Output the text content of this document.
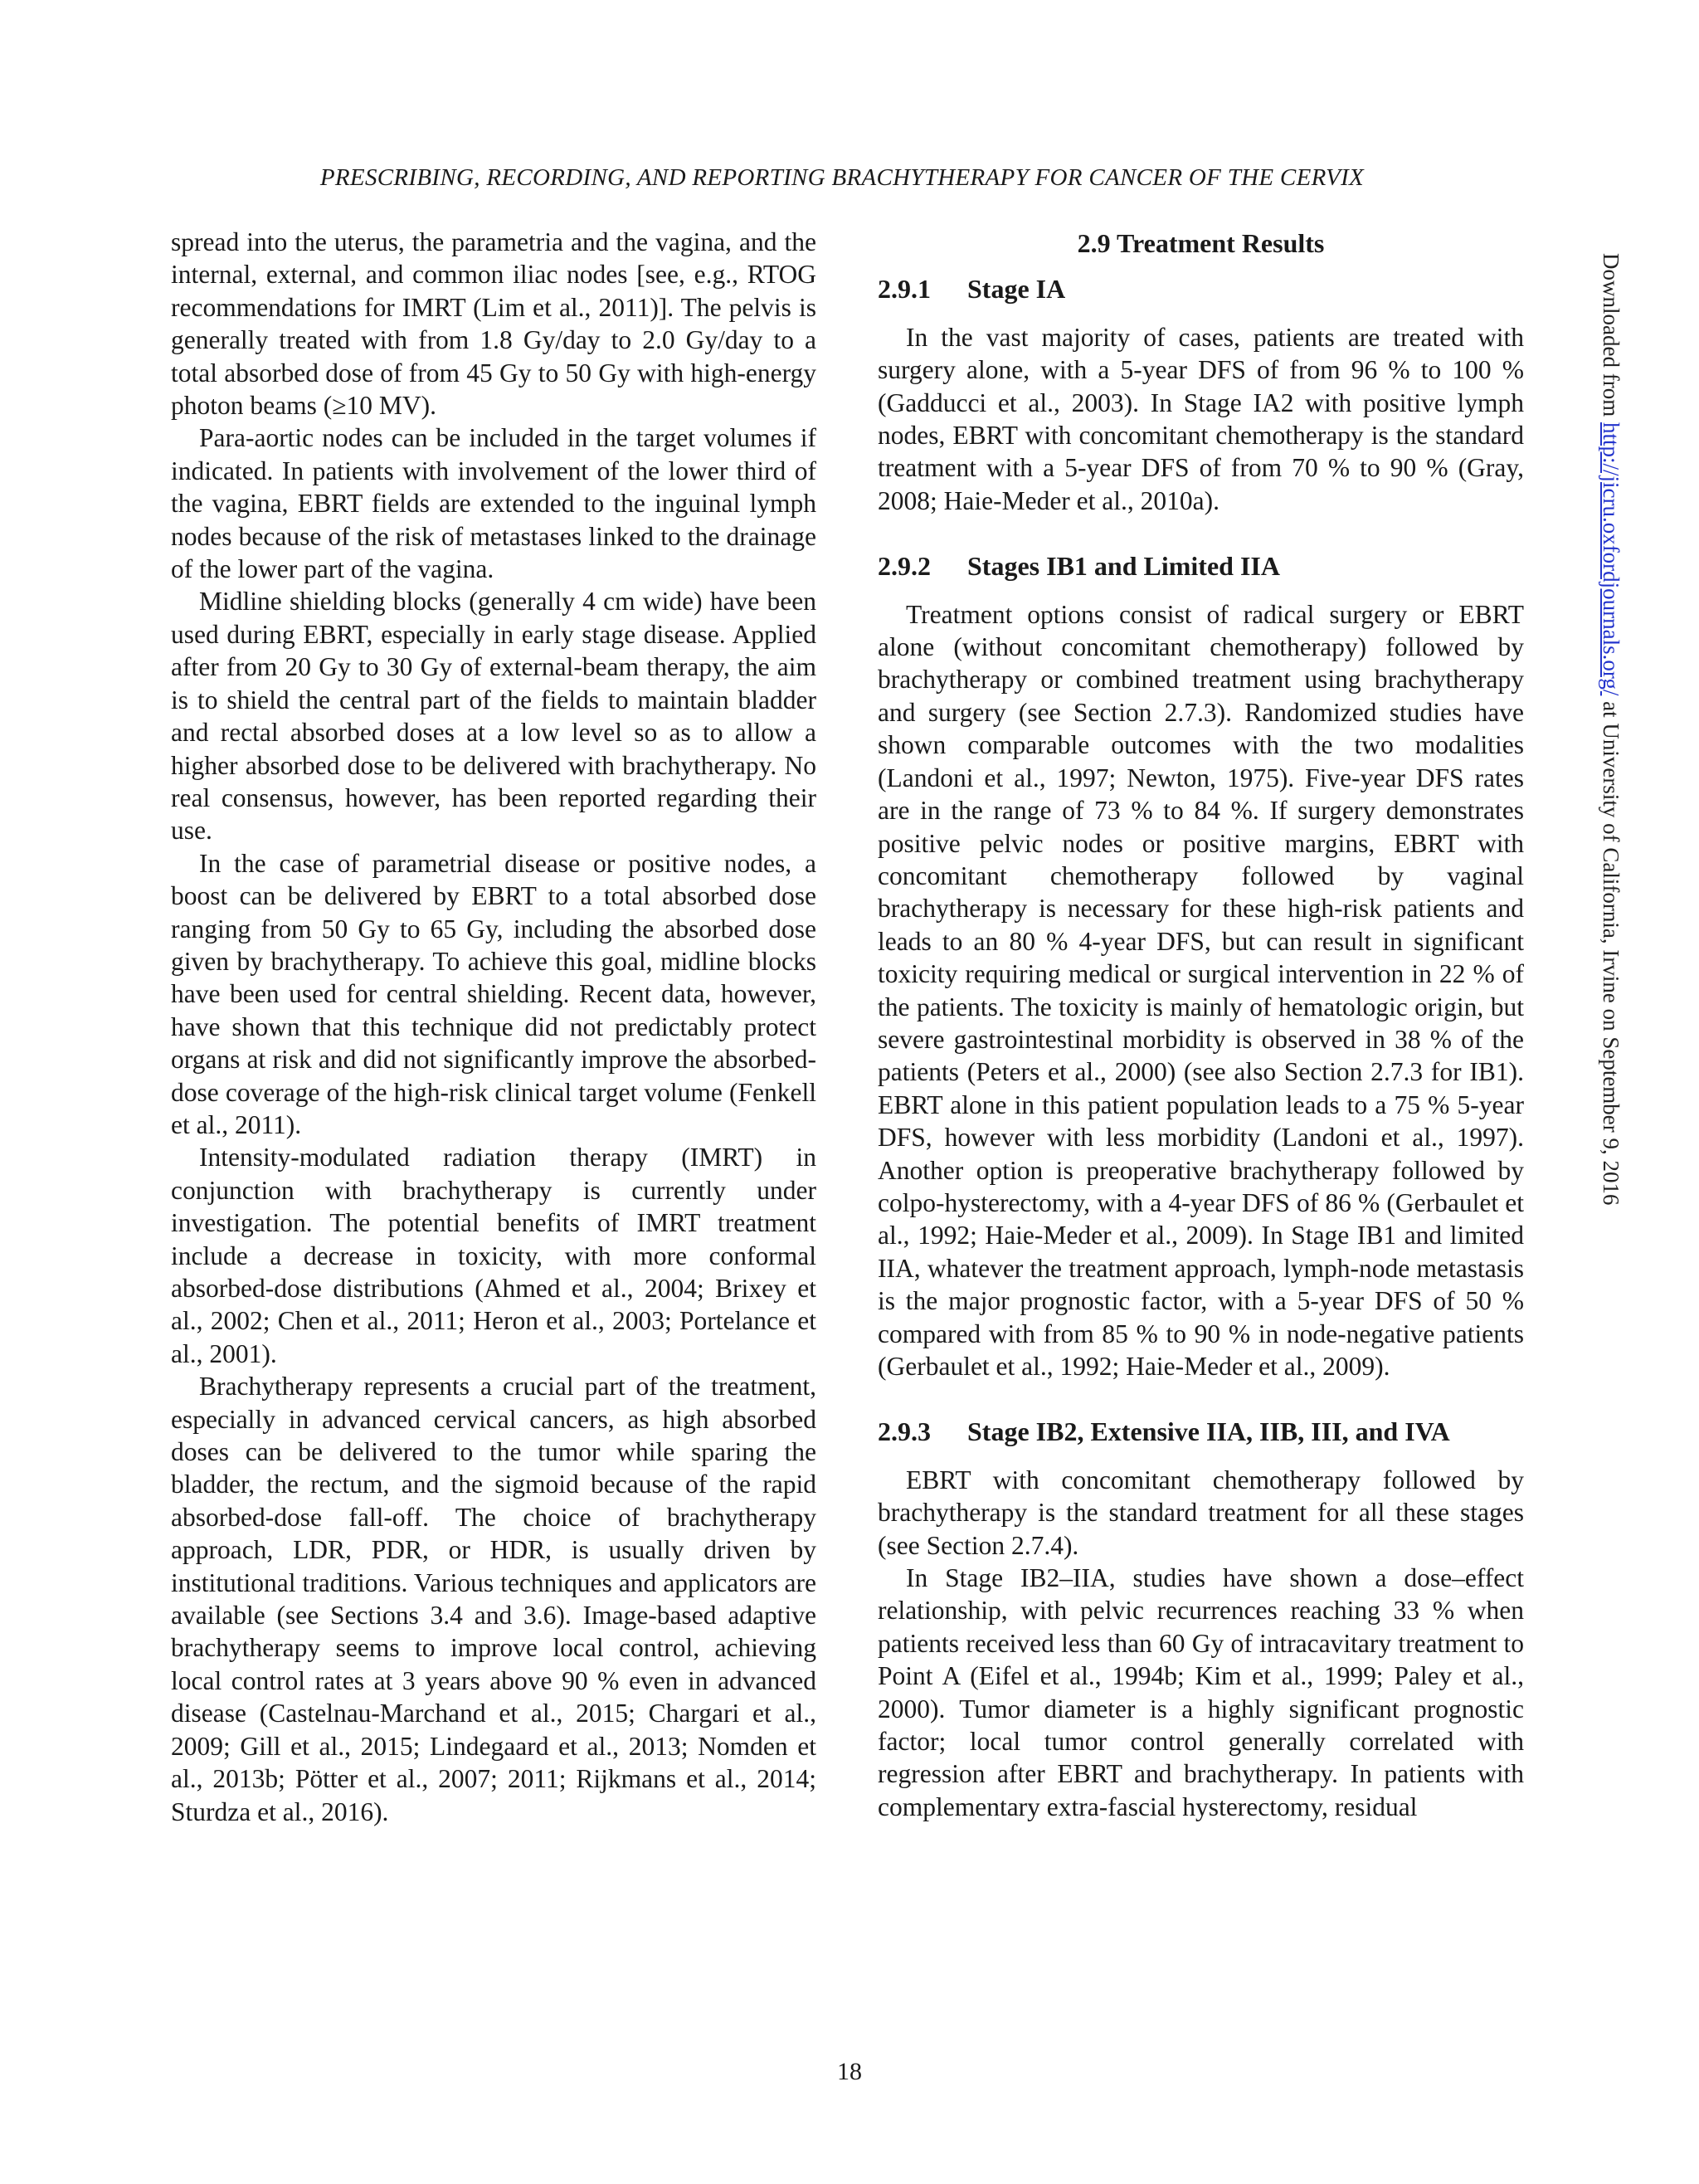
PRESCRIBING, RECORDING, AND REPORTING BRACHYTHERAPY FOR CANCER OF THE CERVIX

spread into the uterus, the parametria and the vagina, and the internal, external, and common iliac nodes [see, e.g., RTOG recommendations for IMRT (Lim et al., 2011)]. The pelvis is generally treated with from 1.8 Gy/day to 2.0 Gy/day to a total absorbed dose of from 45 Gy to 50 Gy with high-energy photon beams (≥10 MV).

Para-aortic nodes can be included in the target volumes if indicated. In patients with involvement of the lower third of the vagina, EBRT fields are extended to the inguinal lymph nodes because of the risk of metastases linked to the drainage of the lower part of the vagina.

Midline shielding blocks (generally 4 cm wide) have been used during EBRT, especially in early stage disease. Applied after from 20 Gy to 30 Gy of external-beam therapy, the aim is to shield the central part of the fields to maintain bladder and rectal absorbed doses at a low level so as to allow a higher absorbed dose to be delivered with brachytherapy. No real consensus, however, has been reported regarding their use.

In the case of parametrial disease or positive nodes, a boost can be delivered by EBRT to a total absorbed dose ranging from 50 Gy to 65 Gy, including the absorbed dose given by brachytherapy. To achieve this goal, midline blocks have been used for central shielding. Recent data, however, have shown that this technique did not predictably protect organs at risk and did not significantly improve the absorbed-dose coverage of the high-risk clinical target volume (Fenkell et al., 2011).

Intensity-modulated radiation therapy (IMRT) in conjunction with brachytherapy is currently under investigation. The potential benefits of IMRT treatment include a decrease in toxicity, with more conformal absorbed-dose distributions (Ahmed et al., 2004; Brixey et al., 2002; Chen et al., 2011; Heron et al., 2003; Portelance et al., 2001).

Brachytherapy represents a crucial part of the treatment, especially in advanced cervical cancers, as high absorbed doses can be delivered to the tumor while sparing the bladder, the rectum, and the sigmoid because of the rapid absorbed-dose fall-off. The choice of brachytherapy approach, LDR, PDR, or HDR, is usually driven by institutional traditions. Various techniques and applicators are available (see Sections 3.4 and 3.6). Image-based adaptive brachytherapy seems to improve local control, achieving local control rates at 3 years above 90 % even in advanced disease (Castelnau-Marchand et al., 2015; Chargari et al., 2009; Gill et al., 2015; Lindegaard et al., 2013; Nomden et al., 2013b; Pötter et al., 2007; 2011; Rijkmans et al., 2014; Sturdza et al., 2016).

2.9 Treatment Results
2.9.1	Stage IA

In the vast majority of cases, patients are treated with surgery alone, with a 5-year DFS of from 96 % to 100 % (Gadducci et al., 2003). In Stage IA2 with positive lymph nodes, EBRT with concomitant chemotherapy is the standard treatment with a 5-year DFS of from 70 % to 90 % (Gray, 2008; Haie-Meder et al., 2010a).

2.9.2	Stages IB1 and Limited IIA

Treatment options consist of radical surgery or EBRT alone (without concomitant chemotherapy) followed by brachytherapy or combined treatment using brachytherapy and surgery (see Section 2.7.3). Randomized studies have shown comparable outcomes with the two modalities (Landoni et al., 1997; Newton, 1975). Five-year DFS rates are in the range of 73 % to 84 %. If surgery demonstrates positive pelvic nodes or positive margins, EBRT with concomitant chemotherapy followed by vaginal brachytherapy is necessary for these high-risk patients and leads to an 80 % 4-year DFS, but can result in significant toxicity requiring medical or surgical intervention in 22 % of the patients. The toxicity is mainly of hematologic origin, but severe gastrointestinal morbidity is observed in 38 % of the patients (Peters et al., 2000) (see also Section 2.7.3 for IB1). EBRT alone in this patient population leads to a 75 % 5-year DFS, however with less morbidity (Landoni et al., 1997). Another option is preoperative brachytherapy followed by colpo-hysterectomy, with a 4-year DFS of 86 % (Gerbaulet et al., 1992; Haie-Meder et al., 2009). In Stage IB1 and limited IIA, whatever the treatment approach, lymph-node metastasis is the major prognostic factor, with a 5-year DFS of 50 % compared with from 85 % to 90 % in node-negative patients (Gerbaulet et al., 1992; Haie-Meder et al., 2009).

2.9.3	Stage IB2, Extensive IIA, IIB, III, and IVA

EBRT with concomitant chemotherapy followed by brachytherapy is the standard treatment for all these stages (see Section 2.7.4).

In Stage IB2–IIA, studies have shown a dose–effect relationship, with pelvic recurrences reaching 33 % when patients received less than 60 Gy of intracavitary treatment to Point A (Eifel et al., 1994b; Kim et al., 1999; Paley et al., 2000). Tumor diameter is a highly significant prognostic factor; local tumor control generally correlated with regression after EBRT and brachytherapy. In patients with complementary extra-fascial hysterectomy, residual

Downloaded from http://jicru.oxfordjournals.org/ at University of California, Irvine on September 9, 2016
18
